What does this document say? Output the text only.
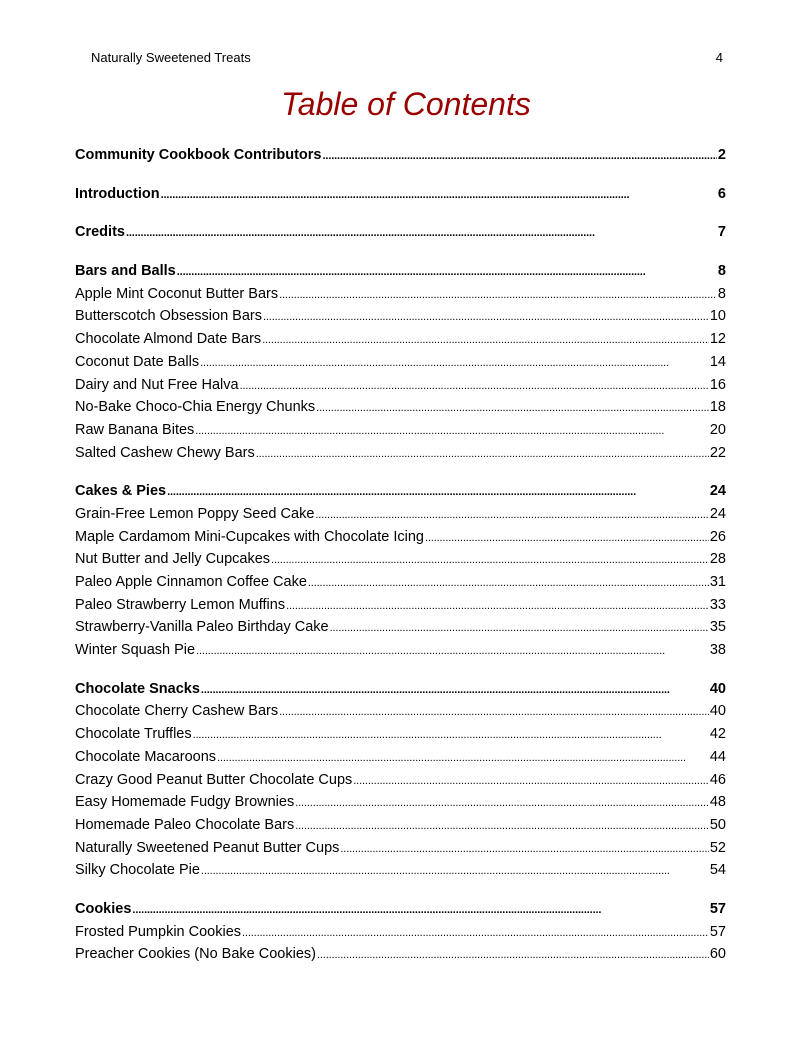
Naturally Sweetened Treats	4
Table of Contents
Community Cookbook Contributors . . .	2
Introduction . . .	6
Credits . . .	7
Bars and Balls . . .	8
Apple Mint Coconut Butter Bars . . .	8
Butterscotch Obsession Bars . . .	10
Chocolate Almond Date Bars . . .	12
Coconut Date Balls . . .	14
Dairy and Nut Free Halva . . .	16
No-Bake Choco-Chia Energy Chunks . . .	18
Raw Banana Bites . . .	20
Salted Cashew Chewy Bars . . .	22
Cakes & Pies . . .	24
Grain-Free Lemon Poppy Seed Cake . . .	24
Maple Cardamom Mini-Cupcakes with Chocolate Icing . . .	26
Nut Butter and Jelly Cupcakes . . .	28
Paleo Apple Cinnamon Coffee Cake . . .	31
Paleo Strawberry Lemon Muffins . . .	33
Strawberry-Vanilla Paleo Birthday Cake . . .	35
Winter Squash Pie . . .	38
Chocolate Snacks . . .	40
Chocolate Cherry Cashew Bars . . .	40
Chocolate Truffles . . .	42
Chocolate Macaroons . . .	44
Crazy Good Peanut Butter Chocolate Cups . . .	46
Easy Homemade Fudgy Brownies . . .	48
Homemade Paleo Chocolate Bars . . .	50
Naturally Sweetened Peanut Butter Cups . . .	52
Silky Chocolate Pie . . .	54
Cookies . . .	57
Frosted Pumpkin Cookies . . .	57
Preacher Cookies (No Bake Cookies) . . .	60
